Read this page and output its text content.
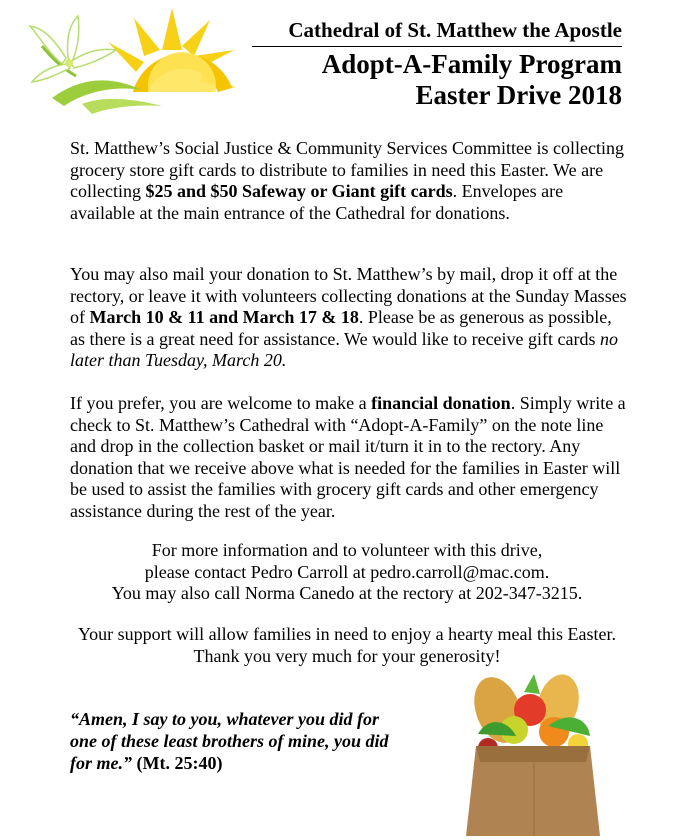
Cathedral of St. Matthew the Apostle
Adopt-A-Family Program
Easter Drive 2018

St. Matthew’s Social Justice & Community Services Committee is collecting grocery store gift cards to distribute to families in need this Easter. We are collecting $25 and $50 Safeway or Giant gift cards. Envelopes are available at the main entrance of the Cathedral for donations.

You may also mail your donation to St. Matthew’s by mail, drop it off at the rectory, or leave it with volunteers collecting donations at the Sunday Masses of March 10 & 11 and March 17 & 18. Please be as generous as possible, as there is a great need for assistance. We would like to receive gift cards no later than Tuesday, March 20.

If you prefer, you are welcome to make a financial donation. Simply write a check to St. Matthew’s Cathedral with “Adopt-A-Family” on the note line and drop in the collection basket or mail it/turn it in to the rectory. Any donation that we receive above what is needed for the families in Easter will be used to assist the families with grocery gift cards and other emergency assistance during the rest of the year.

For more information and to volunteer with this drive,
please contact Pedro Carroll at pedro.carroll@mac.com.
You may also call Norma Canedo at the rectory at 202-347-3215.
Your support will allow families in need to enjoy a hearty meal this Easter.
Thank you very much for your generosity!
“Amen, I say to you, whatever you did for one of these least brothers of mine, you did for me.” (Mt. 25:40)
